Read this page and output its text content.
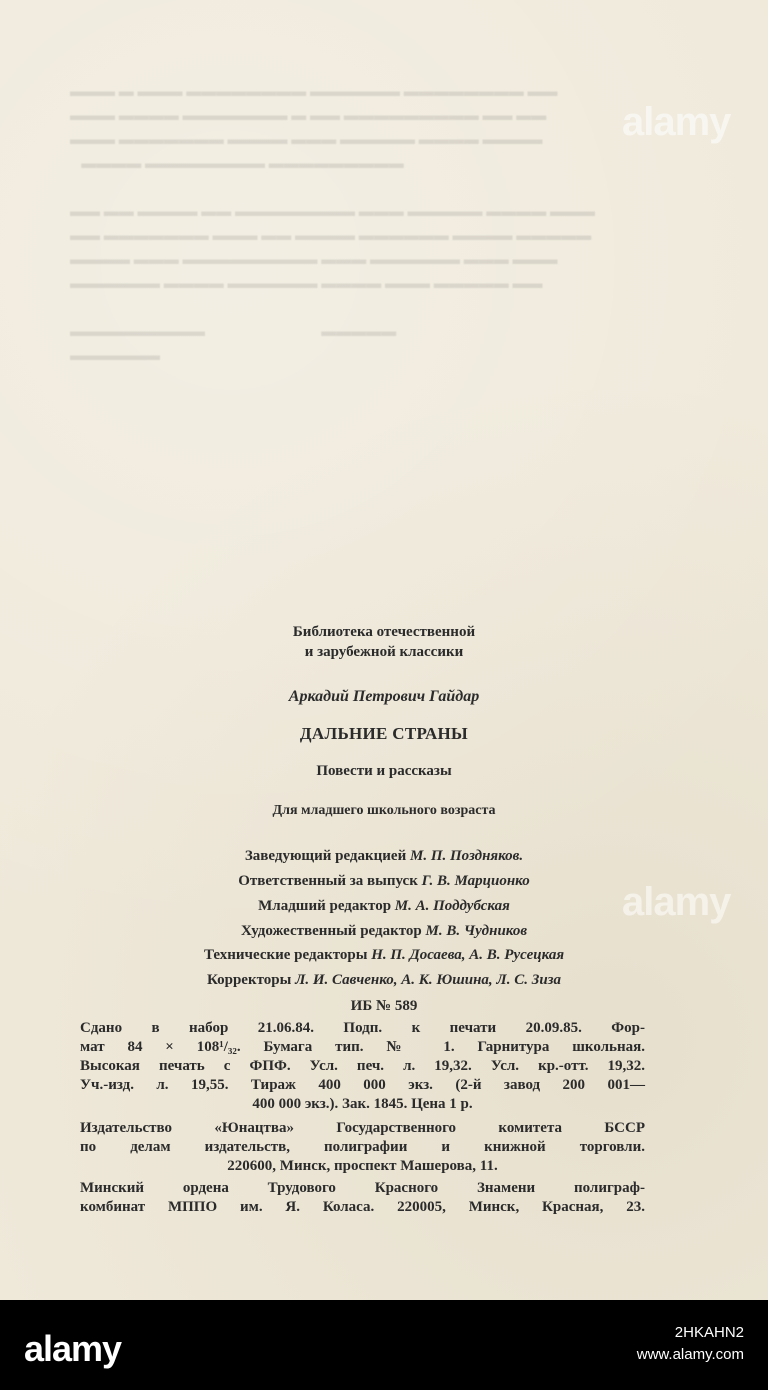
▬▬▬ ▬ ▬▬▬ ▬▬▬▬▬▬▬▬ ▬▬▬▬▬▬ ▬▬▬▬▬▬▬▬ ▬▬
▬▬▬ ▬▬▬▬ ▬▬▬▬▬▬▬ ▬ ▬▬ ▬▬▬▬▬▬▬▬▬ ▬▬ ▬▬
▬▬▬ ▬▬▬▬▬▬▬ ▬▬▬▬ ▬▬▬ ▬▬▬▬▬ ▬▬▬▬ ▬▬▬▬
▬▬▬▬ ▬▬▬▬▬▬▬▬ ▬▬▬▬▬▬▬▬▬

▬▬ ▬▬ ▬▬▬▬ ▬▬ ▬▬▬▬▬▬▬▬ ▬▬▬ ▬▬▬▬▬ ▬▬▬▬ ▬▬▬
▬▬ ▬▬▬▬▬▬▬ ▬▬▬ ▬▬ ▬▬▬▬ ▬▬▬▬▬▬ ▬▬▬▬ ▬▬▬▬▬
▬▬▬▬ ▬▬▬ ▬▬▬▬▬▬▬▬▬ ▬▬▬ ▬▬▬▬▬▬ ▬▬▬ ▬▬▬
▬▬▬▬▬▬ ▬▬▬▬ ▬▬▬▬▬▬ ▬▬▬▬ ▬▬▬ ▬▬▬▬▬ ▬▬

▬▬▬▬▬▬▬▬▬                               ▬▬▬▬▬
▬▬▬▬▬▬
alamy
alamy
Библиотека отечественной
и зарубежной классики
Аркадий Петрович Гайдар
ДАЛЬНИЕ СТРАНЫ
Повести и рассказы
Для младшего школьного возраста
Заведующий редакцией М. П. Поздняков.
Ответственный за выпуск Г. В. Марционко
Младший редактор М. А. Поддубская
Художественный редактор М. В. Чудников
Технические редакторы Н. П. Досаева, А. В. Русецкая
Корректоры Л. И. Савченко, А. К. Юшина, Л. С. Зиза
ИБ № 589
Сдано в набор 21.06.84. Подп. к печати 20.09.85. Фор-
мат 84 × 108¹/₃₂. Бумага тип. № 1. Гарнитура школьная.
Высокая печать с ФПФ. Усл. печ. л. 19,32. Усл. кр.-отт. 19,32.
Уч.-изд. л. 19,55. Тираж 400 000 экз. (2-й завод 200 001—
400 000 экз.). Зак. 1845. Цена 1 р.
Издательство «Юнацтва» Государственного комитета БССР
по делам издательств, полиграфии и книжной торговли.
220600, Минск, проспект Машерова, 11.
Минский ордена Трудового Красного Знамени полиграф-
комбинат МППО им. Я. Коласа. 220005, Минск, Красная, 23.
alamy	2HKAHN2
www.alamy.com
